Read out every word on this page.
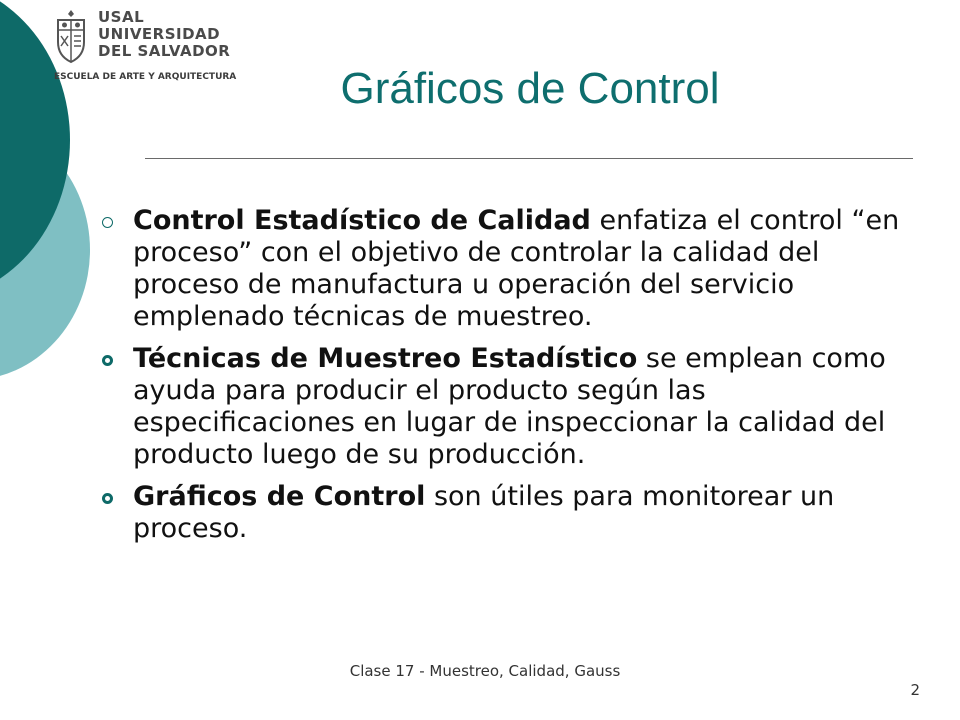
USAL
UNIVERSIDAD
DEL SALVADOR
ESCUELA DE ARTE Y ARQUITECTURA	Gráficos de Control
Control Estadístico de Calidad enfatiza el control “en proceso” con el objetivo de controlar la calidad del proceso de manufactura u operación del servicio emplenado técnicas de muestreo.
Técnicas de Muestreo Estadístico se emplean como ayuda para producir el producto según las especificaciones en lugar de inspeccionar la calidad del producto luego de su producción.
Gráficos de Control son útiles para monitorear un proceso.
Clase 17 - Muestreo, Calidad, Gauss
2
